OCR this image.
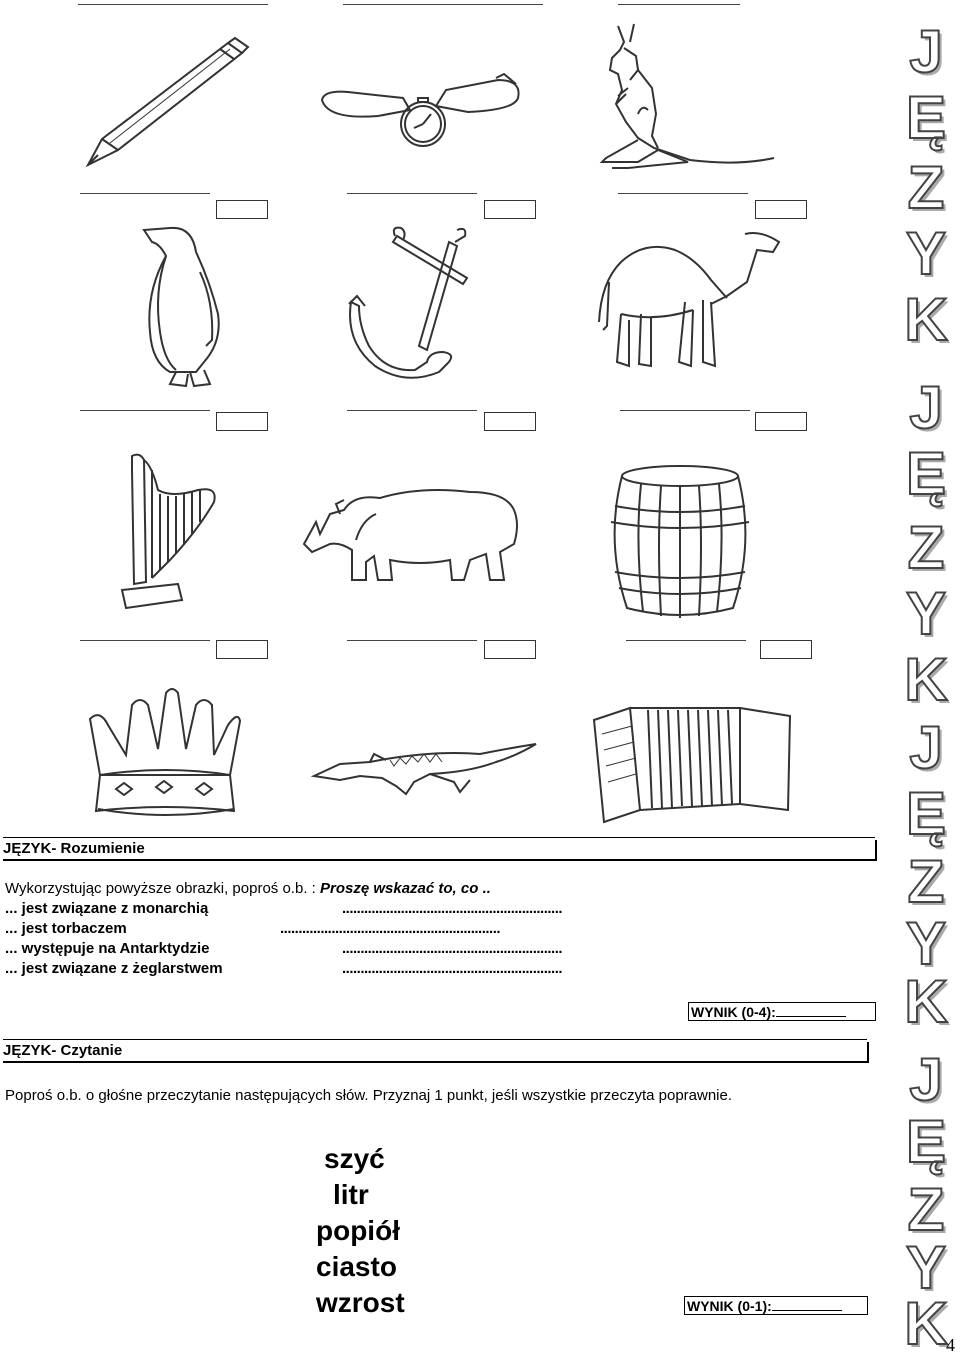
JĘZYK- Rozumienie
Wykorzystując powyższe obrazki, poproś o.b. : Proszę wskazać to, co ..
... jest związane z monarchią	............................................................
... jest torbaczem	............................................................
... występuje na Antarktydzie	............................................................
... jest związane z żeglarstwem	............................................................
WYNIK (0-4):
JĘZYK- Czytanie
Poproś o.b. o głośne przeczytanie następujących słów. Przyznaj 1 punkt, jeśli wszystkie przeczyta poprawnie.
szyć
litr
popiół
ciasto
wzrost	WYNIK (0-1):
J
Ę
Z
Y
K
J
Ę
Z
Y
K
J
Ę
Z
Y
K
J
Ę
Z
Y
K
4
